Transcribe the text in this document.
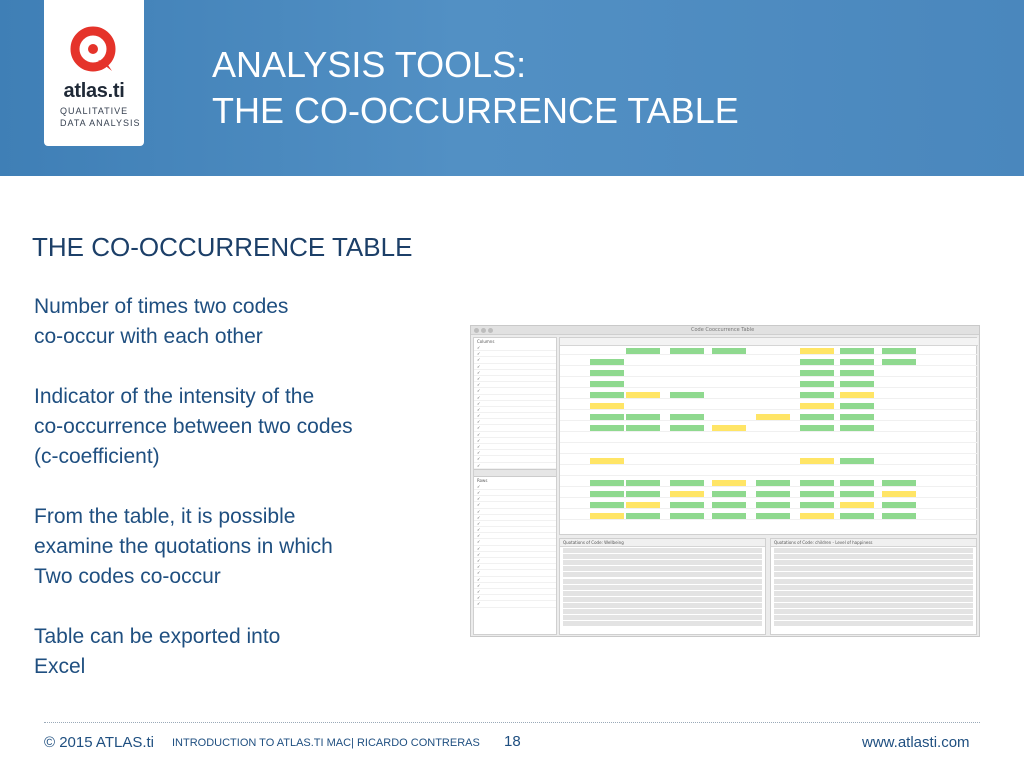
atlas.ti
QUALITATIVE
DATA ANALYSIS
ANALYSIS TOOLS:
THE CO-OCCURRENCE TABLE
THE CO-OCCURRENCE TABLE
Number of times two codes
co-occur with each other
Indicator of the intensity of the
co-occurrence between two codes
(c-coefficient)
From the table, it is possible
examine the quotations in which
Two codes co-occur
Table can be exported into
Excel
Code Cooccurrence Table
Columns
✓
✓
✓
✓
✓
✓
✓
✓
✓
✓
✓
✓
✓
✓
✓
✓
✓
✓
✓
✓
Rows
✓
✓
✓
✓
✓
✓
✓
✓
✓
✓
✓
✓
✓
✓
✓
✓
✓
✓
✓
✓
Quotations of Code: Wellbeing	Quotations of Code: children - Level of happiness
© 2015 ATLAS.ti INTRODUCTION TO ATLAS.TI MAC| RICARDO CONTRERAS 18	www.atlasti.com
